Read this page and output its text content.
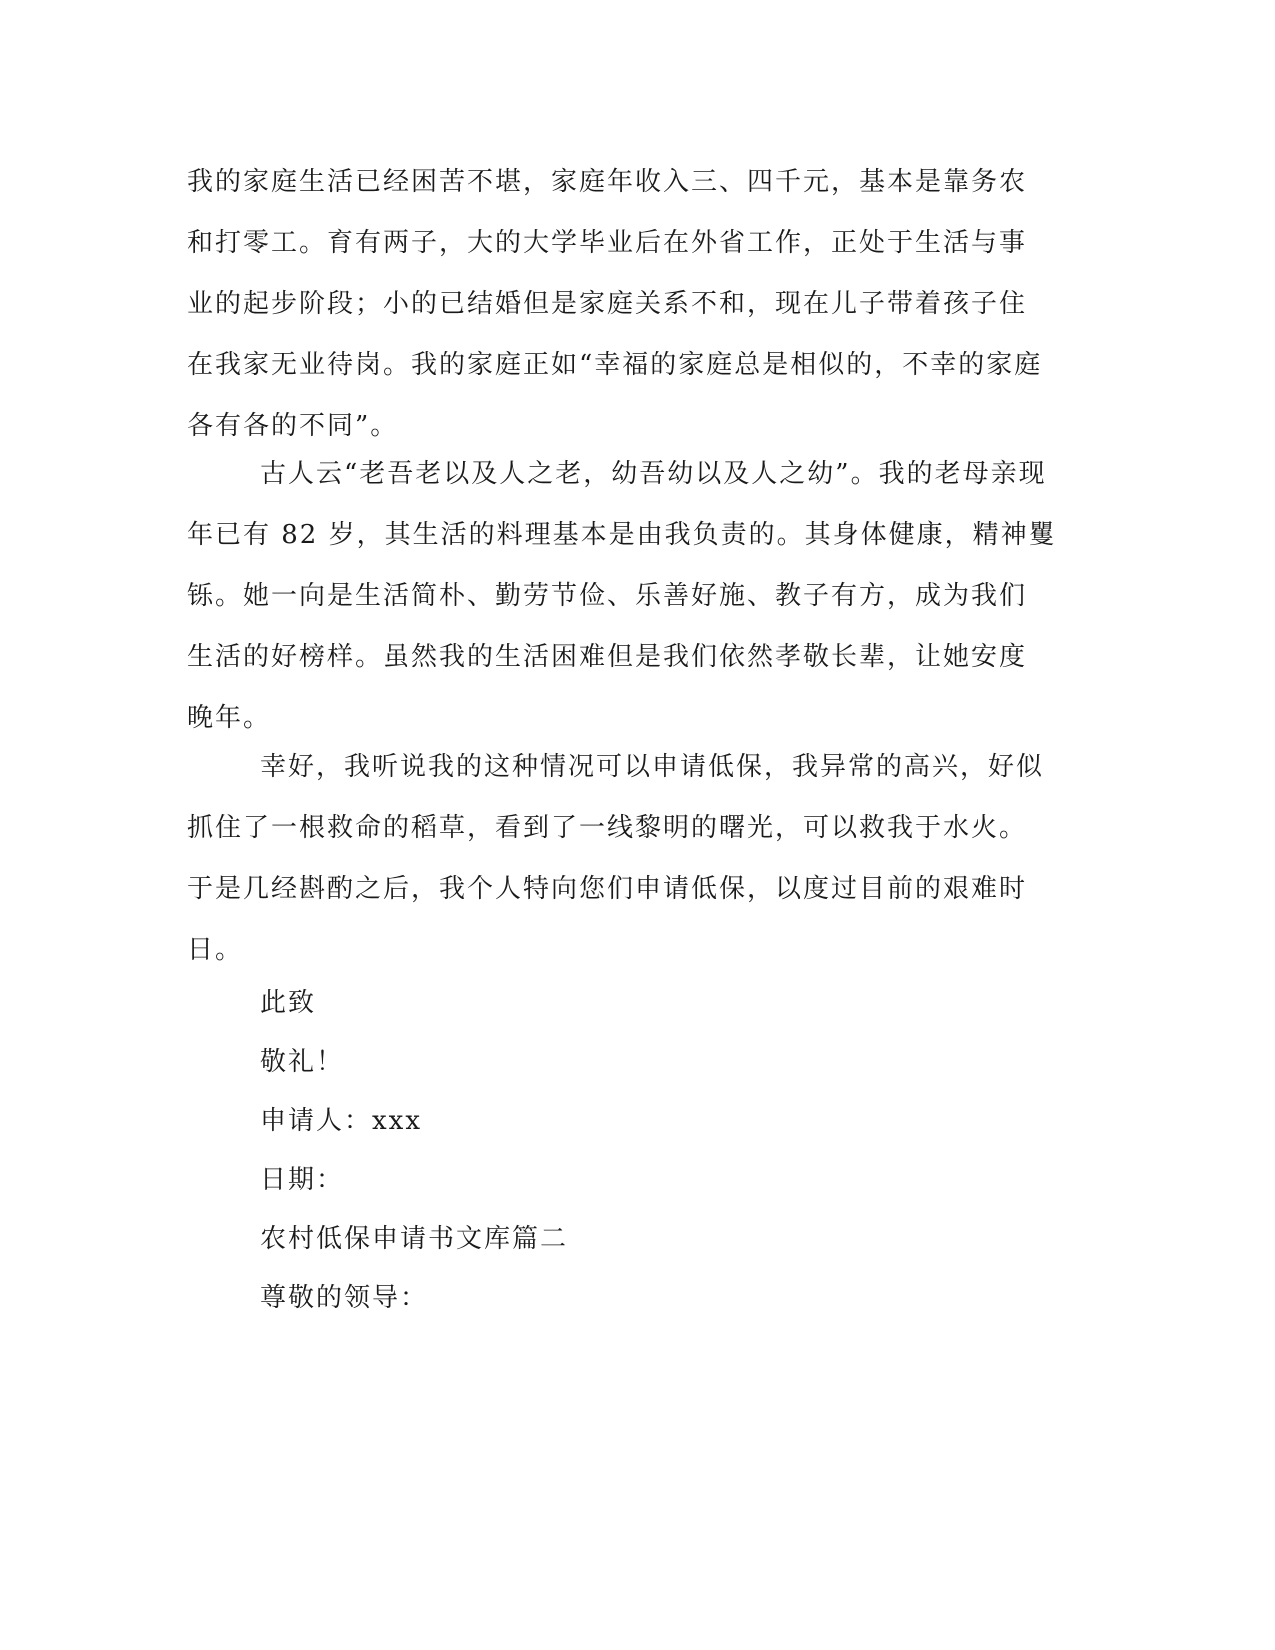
我的家庭生活已经困苦不堪，家庭年收入三、四千元，基本是靠务农
和打零工。育有两子，大的大学毕业后在外省工作，正处于生活与事
业的起步阶段；小的已结婚但是家庭关系不和，现在儿子带着孩子住
在我家无业待岗。我的家庭正如“幸福的家庭总是相似的，不幸的家庭
各有各的不同”。

古人云“老吾老以及人之老，幼吾幼以及人之幼”。我的老母亲现
年已有 82 岁，其生活的料理基本是由我负责的。其身体健康，精神矍
铄。她一向是生活简朴、勤劳节俭、乐善好施、教子有方，成为我们
生活的好榜样。虽然我的生活困难但是我们依然孝敬长辈，让她安度
晚年。

幸好，我听说我的这种情况可以申请低保，我异常的高兴，好似
抓住了一根救命的稻草，看到了一线黎明的曙光，可以救我于水火。
于是几经斟酌之后，我个人特向您们申请低保，以度过目前的艰难时
日。

此致

敬礼！

申请人：xxx

日期：

农村低保申请书文库篇二

尊敬的领导：
